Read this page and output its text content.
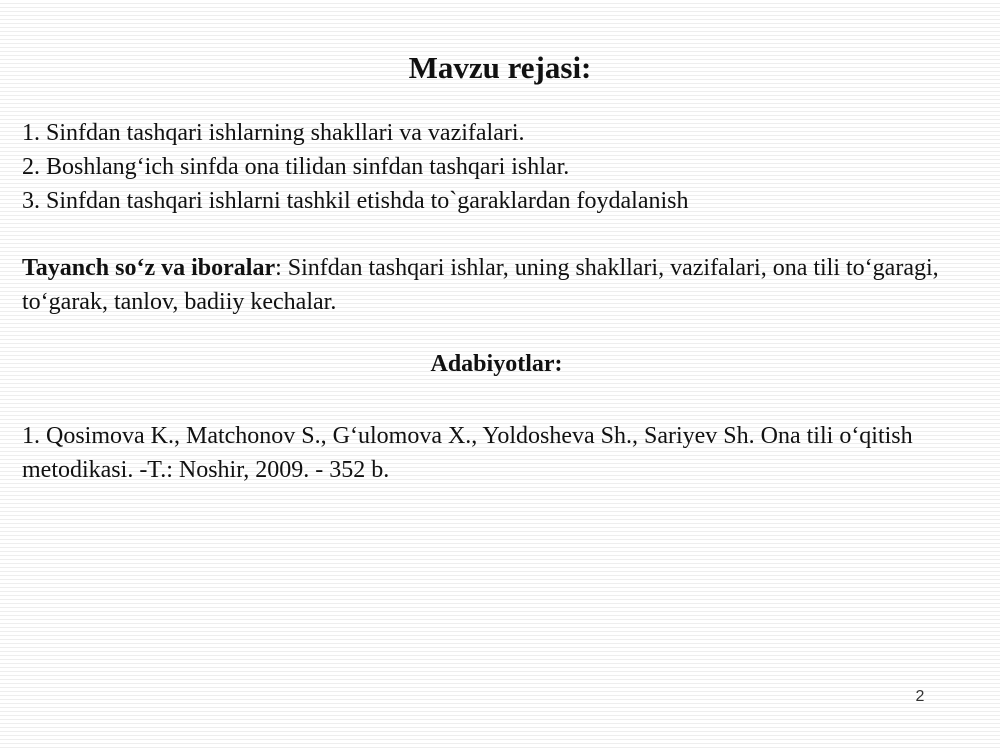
Mavzu rejasi:
1. Sinfdan tashqari ishlarning shakllari va vazifalari.
2. Boshlang‘ich sinfda ona tilidan sinfdan tashqari ishlar.
3. Sinfdan tashqari ishlarni tashkil etishda to`garaklardan foydalanish

Tayanch so‘z va iboralar: Sinfdan tashqari ishlar, uning shakllari, vazifalari, ona tili to‘garagi, to‘garak, tanlov, badiiy kechalar.

Adabiyotlar:
1. Qosimova K., Matchonov S., G‘ulomova X., Yoldosheva Sh., Sariyev Sh. Ona tili o‘qitish metodikasi. -T.: Noshir, 2009. - 352 b.
2
